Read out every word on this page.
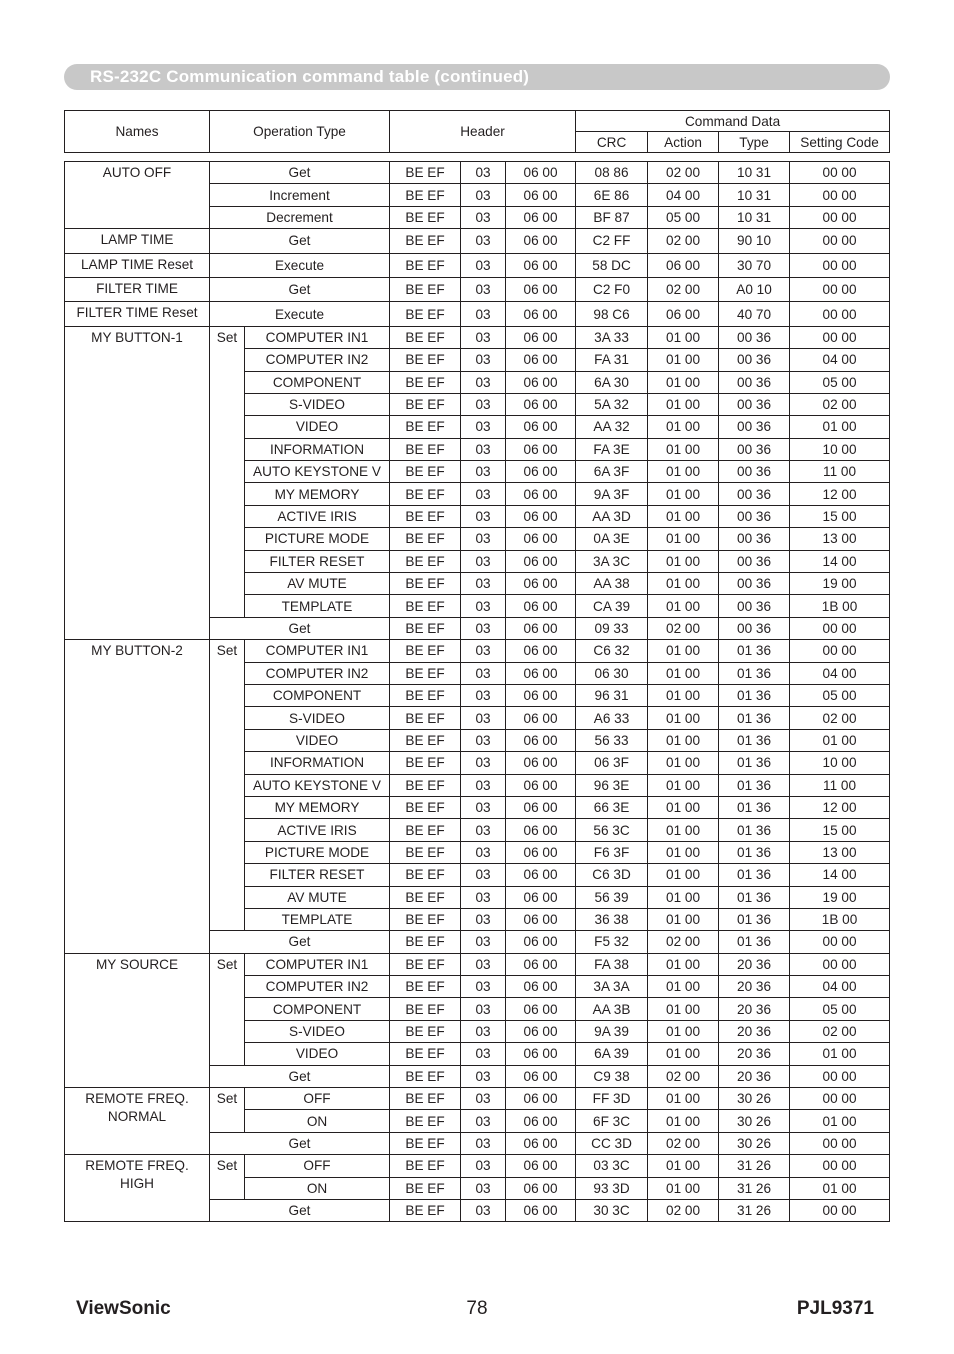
RS-232C Communication command table (continued)
Names	Operation Type		Header			Command Data			
						CRC	Action	Type	Setting Code

AUTO OFF	Get		BE EF	03	06 00	08 86	02 00	10 31	00 00
	Increment		BE EF	03	06 00	6E 86	04 00	10 31	00 00
	Decrement		BE EF	03	06 00	BF 87	05 00	10 31	00 00
LAMP TIME	Get		BE EF	03	06 00	C2 FF	02 00	90 10	00 00
LAMP TIME Reset	Execute		BE EF	03	06 00	58 DC	06 00	30 70	00 00
FILTER TIME	Get		BE EF	03	06 00	C2 F0	02 00	A0 10	00 00
FILTER TIME Reset	Execute		BE EF	03	06 00	98 C6	06 00	40 70	00 00
MY BUTTON-1	Set	COMPUTER IN1	BE EF	03	06 00	3A 33	01 00	00 36	00 00
		COMPUTER IN2	BE EF	03	06 00	FA 31	01 00	00 36	04 00
		COMPONENT	BE EF	03	06 00	6A 30	01 00	00 36	05 00
		S-VIDEO	BE EF	03	06 00	5A 32	01 00	00 36	02 00
		VIDEO	BE EF	03	06 00	AA 32	01 00	00 36	01 00
		INFORMATION	BE EF	03	06 00	FA 3E	01 00	00 36	10 00
		AUTO KEYSTONE V	BE EF	03	06 00	6A 3F	01 00	00 36	11 00
		MY MEMORY	BE EF	03	06 00	9A 3F	01 00	00 36	12 00
		ACTIVE IRIS	BE EF	03	06 00	AA 3D	01 00	00 36	15 00
		PICTURE MODE	BE EF	03	06 00	0A 3E	01 00	00 36	13 00
		FILTER RESET	BE EF	03	06 00	3A 3C	01 00	00 36	14 00
		AV MUTE	BE EF	03	06 00	AA 38	01 00	00 36	19 00
		TEMPLATE	BE EF	03	06 00	CA 39	01 00	00 36	1B 00
	Get		BE EF	03	06 00	09 33	02 00	00 36	00 00
MY BUTTON-2	Set	COMPUTER IN1	BE EF	03	06 00	C6 32	01 00	01 36	00 00
		COMPUTER IN2	BE EF	03	06 00	06 30	01 00	01 36	04 00
		COMPONENT	BE EF	03	06 00	96 31	01 00	01 36	05 00
		S-VIDEO	BE EF	03	06 00	A6 33	01 00	01 36	02 00
		VIDEO	BE EF	03	06 00	56 33	01 00	01 36	01 00
		INFORMATION	BE EF	03	06 00	06 3F	01 00	01 36	10 00
		AUTO KEYSTONE V	BE EF	03	06 00	96 3E	01 00	01 36	11 00
		MY MEMORY	BE EF	03	06 00	66 3E	01 00	01 36	12 00
		ACTIVE IRIS	BE EF	03	06 00	56 3C	01 00	01 36	15 00
		PICTURE MODE	BE EF	03	06 00	F6 3F	01 00	01 36	13 00
		FILTER RESET	BE EF	03	06 00	C6 3D	01 00	01 36	14 00
		AV MUTE	BE EF	03	06 00	56 39	01 00	01 36	19 00
		TEMPLATE	BE EF	03	06 00	36 38	01 00	01 36	1B 00
	Get		BE EF	03	06 00	F5 32	02 00	01 36	00 00
MY SOURCE	Set	COMPUTER IN1	BE EF	03	06 00	FA 38	01 00	20 36	00 00
		COMPUTER IN2	BE EF	03	06 00	3A 3A	01 00	20 36	04 00
		COMPONENT	BE EF	03	06 00	AA 3B	01 00	20 36	05 00
		S-VIDEO	BE EF	03	06 00	9A 39	01 00	20 36	02 00
		VIDEO	BE EF	03	06 00	6A 39	01 00	20 36	01 00
	Get		BE EF	03	06 00	C9 38	02 00	20 36	00 00
REMOTE FREQ.
NORMAL	Set	OFF	BE EF	03	06 00	FF 3D	01 00	30 26	00 00
		ON	BE EF	03	06 00	6F 3C	01 00	30 26	01 00
	Get		BE EF	03	06 00	CC 3D	02 00	30 26	00 00
REMOTE FREQ.
HIGH	Set	OFF	BE EF	03	06 00	03 3C	01 00	31 26	00 00
		ON	BE EF	03	06 00	93 3D	01 00	31 26	01 00
	Get		BE EF	03	06 00	30 3C	02 00	31 26	00 00
ViewSonic	78	PJL9371
